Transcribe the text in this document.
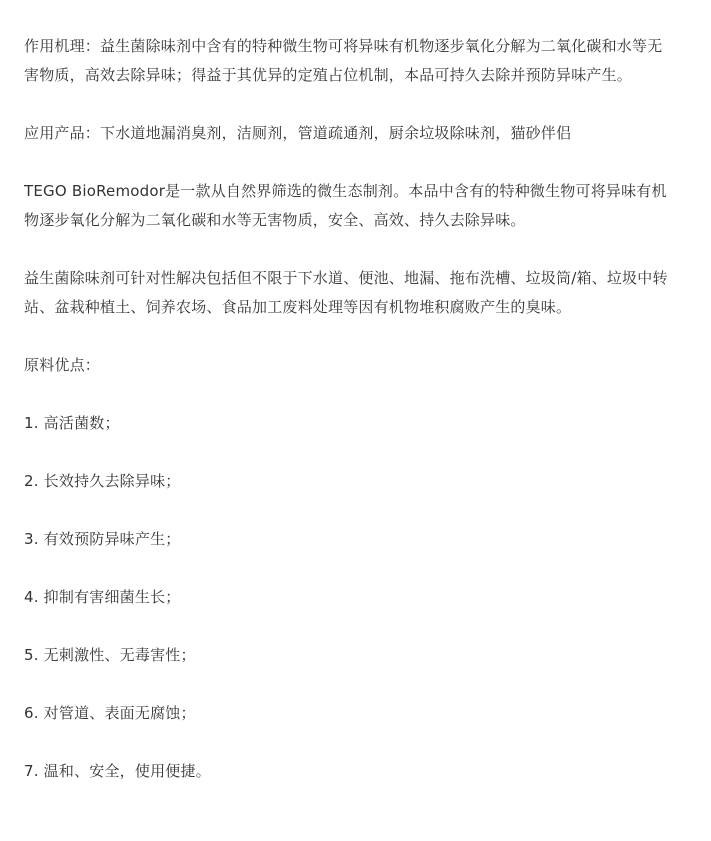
作用机理：益生菌除味剂中含有的特种微生物可将异味有机物逐步氧化分解为二氧化碳和水等无害物质，高效去除异味；得益于其优异的定殖占位机制，本品可持久去除并预防异味产生。

应用产品：下水道地漏消臭剂，洁厕剂，管道疏通剂，厨余垃圾除味剂，猫砂伴侣

TEGO BioRemodor是一款从自然界筛选的微生态制剂。本品中含有的特种微生物可将异味有机物逐步氧化分解为二氧化碳和水等无害物质，安全、高效、持久去除异味。

益生菌除味剂可针对性解决包括但不限于下水道、便池、地漏、拖布洗槽、垃圾筒/箱、垃圾中转站、盆栽种植土、饲养农场、食品加工废料处理等因有机物堆积腐败产生的臭味。

原料优点：

1. 高活菌数；
2. 长效持久去除异味；
3. 有效预防异味产生；
4. 抑制有害细菌生长；
5. 无刺激性、无毒害性；
6. 对管道、表面无腐蚀；
7. 温和、安全，使用便捷。
